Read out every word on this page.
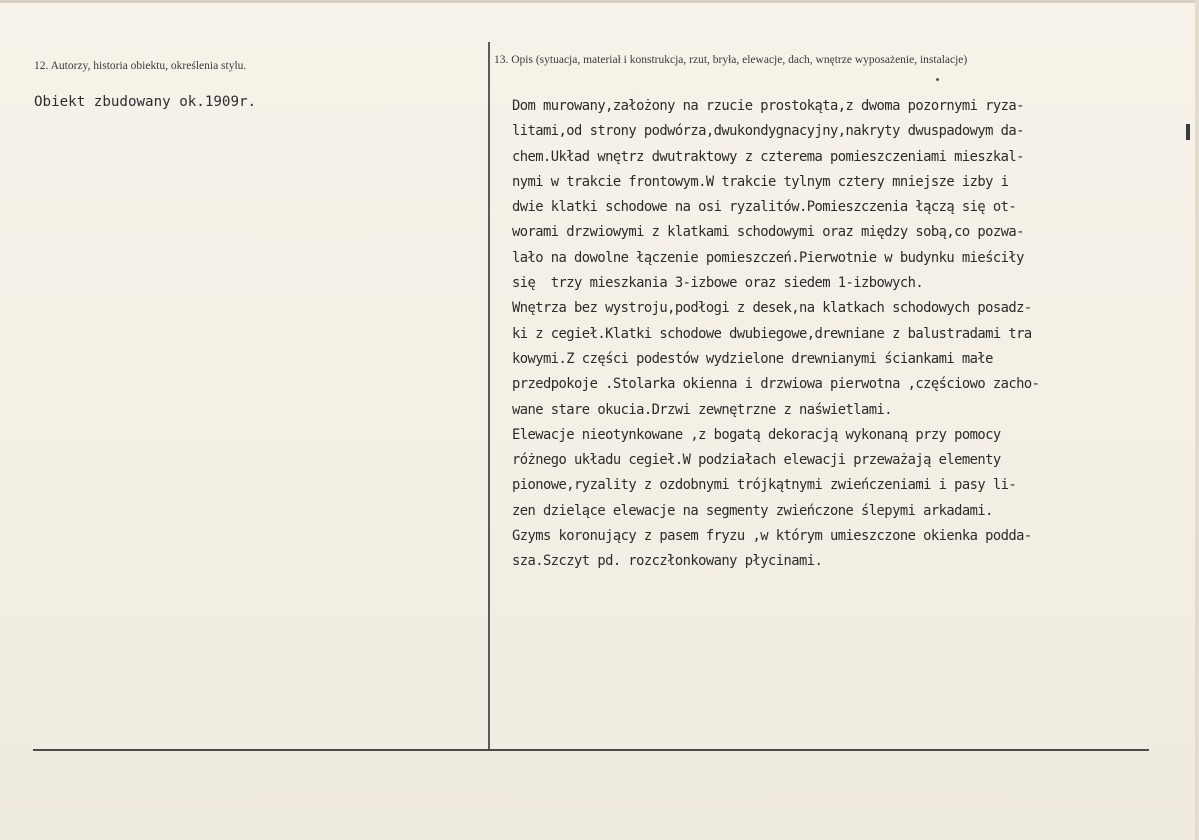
12. Autorzy, historia obiektu, określenia stylu.
Obiekt zbudowany ok.1909r.
13. Opis (sytuacja, materiał i konstrukcja, rzut, bryła, elewacje, dach, wnętrze wyposażenie, instalacje)
Dom murowany,założony na rzucie prostokąta,z dwoma pozornymi ryza-
litami,od strony podwórza,dwukondygnacyjny,nakryty dwuspadowym da-
chem.Układ wnętrz dwutraktowy z czterema pomieszczeniami mieszkal-
nymi w trakcie frontowym.W trakcie tylnym cztery mniejsze izby i
dwie klatki schodowe na osi ryzalitów.Pomieszczenia łączą się ot-
worami drzwiowymi z klatkami schodowymi oraz między sobą,co pozwa-
lało na dowolne łączenie pomieszczeń.Pierwotnie w budynku mieściły
się  trzy mieszkania 3-izbowe oraz siedem 1-izbowych.
Wnętrza bez wystroju,podłogi z desek,na klatkach schodowych posadz-
ki z cegieł.Klatki schodowe dwubiegowe,drewniane z balustradami tra
kowymi.Z części podestów wydzielone drewnianymi ściankami małe
przedpokoje .Stolarka okienna i drzwiowa pierwotna ,częściowo zacho-
wane stare okucia.Drzwi zewnętrzne z naświetlami.
Elewacje nieotynkowane ,z bogatą dekoracją wykonaną przy pomocy
różnego układu cegieł.W podziałach elewacji przeważają elementy
pionowe,ryzality z ozdobnymi trójkątnymi zwieńczeniami i pasy li-
zen dzielące elewacje na segmenty zwieńczone ślepymi arkadami.
Gzyms koronujący z pasem fryzu ,w którym umieszczone okienka podda-
sza.Szczyt pd. rozczłonkowany płycinami.
